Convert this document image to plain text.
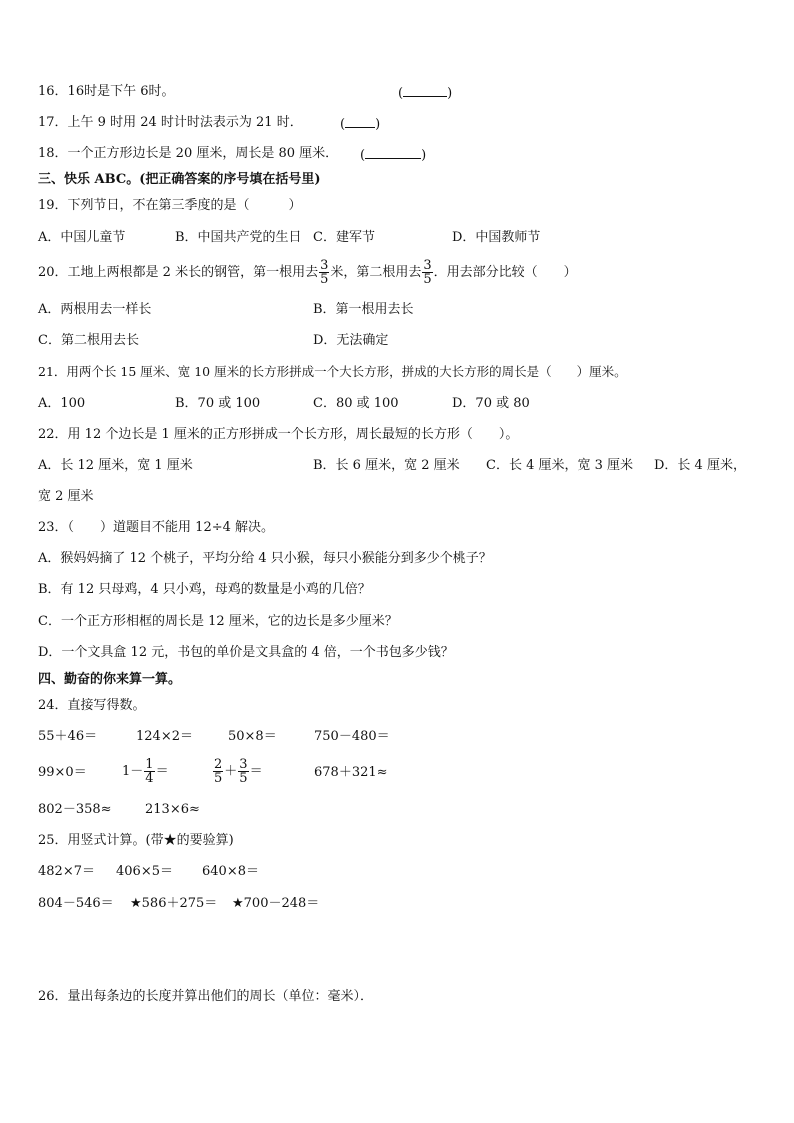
16．16时是下午 6时。	(	)
17．上午 9 时用 24 时计时法表示为 21 时．	( )
18．一个正方形边长是 20 厘米，周长是 80 厘米． (	)
三、快乐 ABC。(把正确答案的序号填在括号里)
19．下列节日，不在第三季度的是（　　　）
A．中国儿童节	B．中国共产党的生日 C．建军节	D．中国教师节
20．工地上两根都是 2 米长的钢管，第一根用去 $\frac{3}{5}$ 米，第二根用去 $\frac{3}{5}$ ．用去部分比较（　　）
A．两根用去一样长	B．第一根用去长
C．第二根用去长	D．无法确定
21．用两个长 15 厘米、宽 10 厘米的长方形拼成一个大长方形，拼成的大长方形的周长是（　　）厘米。
A．100	B．70 或 100	C．80 或 100	D．70 或 80
22．用 12 个边长是 1 厘米的正方形拼成一个长方形，周长最短的长方形（　　）。
A．长 12 厘米，宽 1 厘米	B．长 6 厘米，宽 2 厘米 C．长 4 厘米，宽 3 厘米 D．长 4 厘米，
宽 2 厘米
23．（　　）道题目不能用 12÷4 解决。
A．猴妈妈摘了 12 个桃子，平均分给 4 只小猴，每只小猴能分到多少个桃子？
B．有 12 只母鸡，4 只小鸡，母鸡的数量是小鸡的几倍？
C．一个正方形相框的周长是 12 厘米，它的边长是多少厘米？
D．一个文具盒 12 元，书包的单价是文具盒的 4 倍，一个书包多少钱？
四、勤奋的你来算一算。
24．直接写得数。
55＋46＝	124×2＝	50×8＝	750－480＝
99×0＝	$1- \frac{1}{4}$ ＝	$\frac{2}{5} + \frac{3}{5}$ ＝	678＋321≈
802－358≈	213×6≈
25．用竖式计算。(带★的要验算)
482×7＝ 406×5＝ 640×8＝
804－546＝ ★586＋275＝ ★700－248＝
26．量出每条边的长度并算出他们的周长（单位：毫米）．
